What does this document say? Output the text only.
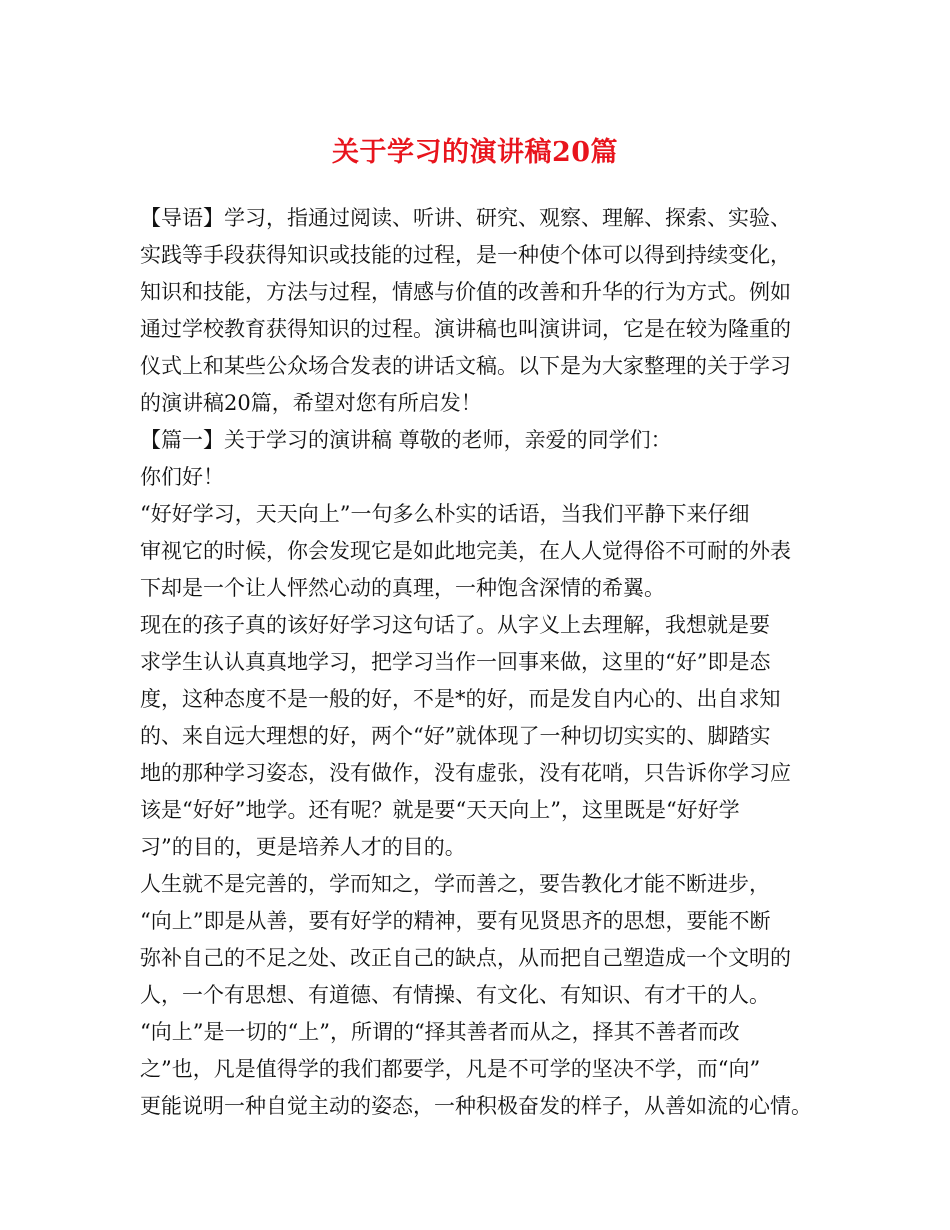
关于学习的演讲稿20篇
【导语】学习，指通过阅读、听讲、研究、观察、理解、探索、实验、
实践等手段获得知识或技能的过程，是一种使个体可以得到持续变化，
知识和技能，方法与过程，情感与价值的改善和升华的行为方式。例如
通过学校教育获得知识的过程。演讲稿也叫演讲词，它是在较为隆重的
仪式上和某些公众场合发表的讲话文稿。以下是为大家整理的关于学习
的演讲稿20篇，希望对您有所启发！
【篇一】关于学习的演讲稿 尊敬的老师，亲爱的同学们：
你们好！
“好好学习，天天向上”一句多么朴实的话语，当我们平静下来仔细
审视它的时候，你会发现它是如此地完美，在人人觉得俗不可耐的外表
下却是一个让人怦然心动的真理，一种饱含深情的希翼。
现在的孩子真的该好好学习这句话了。从字义上去理解，我想就是要
求学生认认真真地学习，把学习当作一回事来做，这里的“好”即是态
度，这种态度不是一般的好，不是*的好，而是发自内心的、出自求知
的、来自远大理想的好，两个“好”就体现了一种切切实实的、脚踏实
地的那种学习姿态，没有做作，没有虚张，没有花哨，只告诉你学习应
该是“好好”地学。还有呢？就是要“天天向上”，这里既是“好好学
习”的目的，更是培养人才的目的。
人生就不是完善的，学而知之，学而善之，要告教化才能不断进步，
“向上”即是从善，要有好学的精神，要有见贤思齐的思想，要能不断
弥补自己的不足之处、改正自己的缺点，从而把自己塑造成一个文明的
人，一个有思想、有道德、有情操、有文化、有知识、有才干的人。
“向上”是一切的“上”，所谓的“择其善者而从之，择其不善者而改
之”也，凡是值得学的我们都要学，凡是不可学的坚决不学，而“向”
更能说明一种自觉主动的姿态，一种积极奋发的样子，从善如流的心情。
